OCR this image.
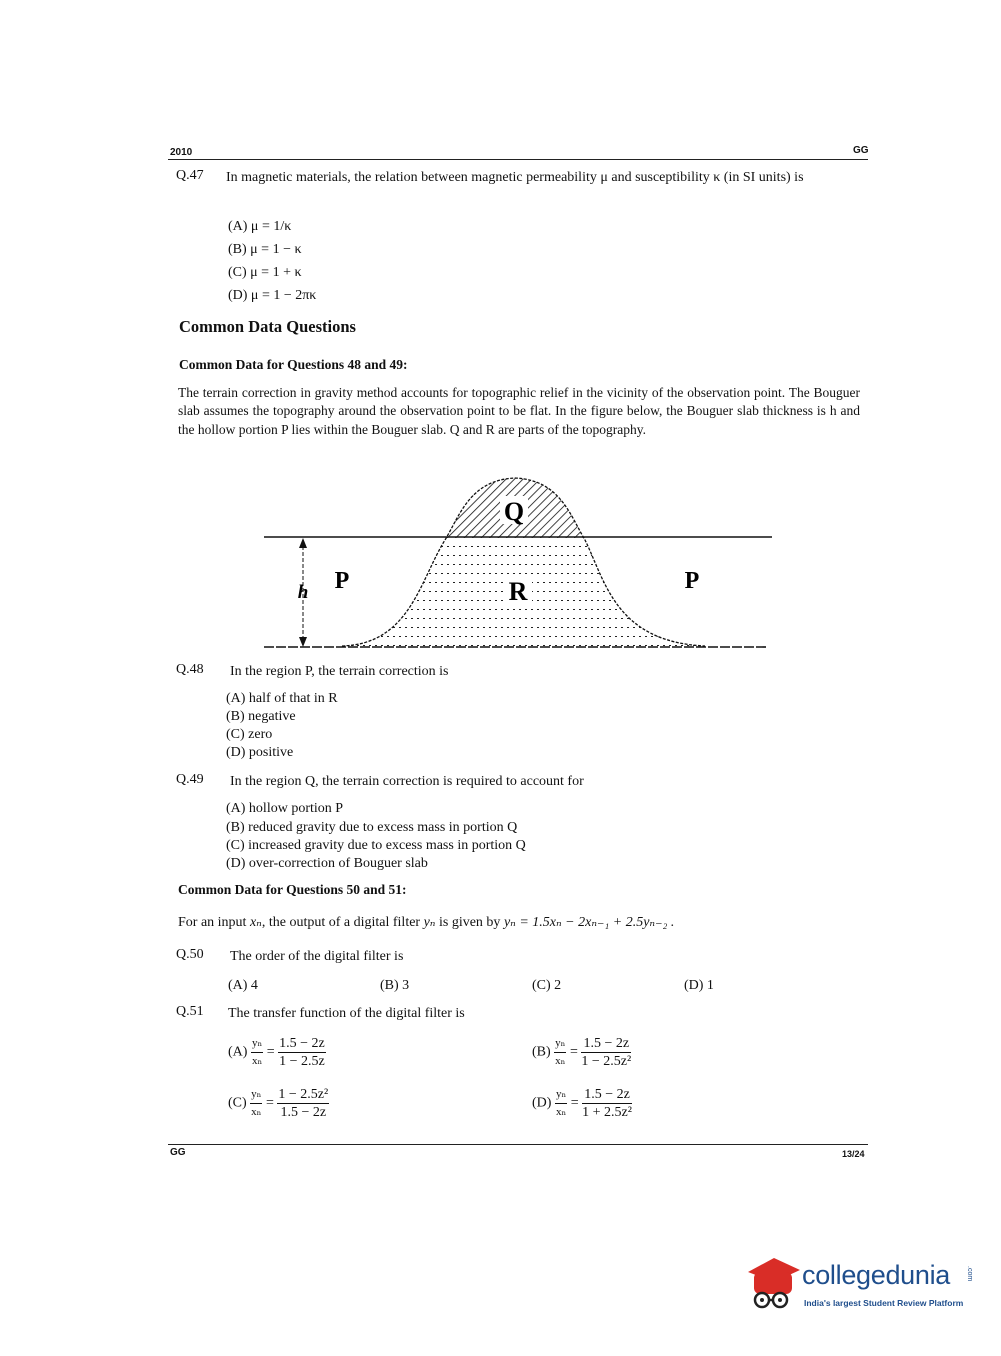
2010	GG
Q.47 In magnetic materials, the relation between magnetic permeability μ and susceptibility κ (in SI units) is
(A) μ = 1/κ
(B) μ = 1 − κ
(C) μ = 1 + κ
(D) μ = 1 − 2πκ
Common Data Questions
Common Data for Questions 48 and 49:
The terrain correction in gravity method accounts for topographic relief in the vicinity of the observation point. The Bouguer slab assumes the topography around the observation point to be flat. In the figure below, the Bouguer slab thickness is h and the hollow portion P lies within the Bouguer slab. Q and R are parts of the topography.
Q
R
P	P
h
Q.48 In the region P, the terrain correction is
(A) half of that in R
(B) negative
(C) zero
(D) positive
Q.49 In the region Q, the terrain correction is required to account for
(A) hollow portion P
(B) reduced gravity due to excess mass in portion Q
(C) increased gravity due to excess mass in portion Q
(D) over-correction of Bouguer slab
Common Data for Questions 50 and 51:
For an input xₙ, the output of a digital filter yₙ is given by yₙ = 1.5xₙ − 2xₙ₋₁ + 2.5yₙ₋₂ .
Q.50 The order of the digital filter is
(A) 4	(B) 3	(C) 2	(D) 1
Q.51 The transfer function of the digital filter is
$(A) \frac{\text{yₙ}}{\text{xₙ}} = \frac{1.5 - 2z}{1 - 2.5z}$	$(B) \frac{\text{yₙ}}{\text{xₙ}} = \frac{1.5 - 2z}{\text{1 − 2.5z²}}$
$(C) \frac{\text{yₙ}}{\text{xₙ}} = \frac{\text{1 − 2.5z²}}{1.5 - 2z}$	$(D) \frac{\text{yₙ}}{\text{xₙ}} = \frac{1.5 - 2z}{\text{1 + 2.5z²}}$
GG	13/24
collegedunia .com
India's largest Student Review Platform
